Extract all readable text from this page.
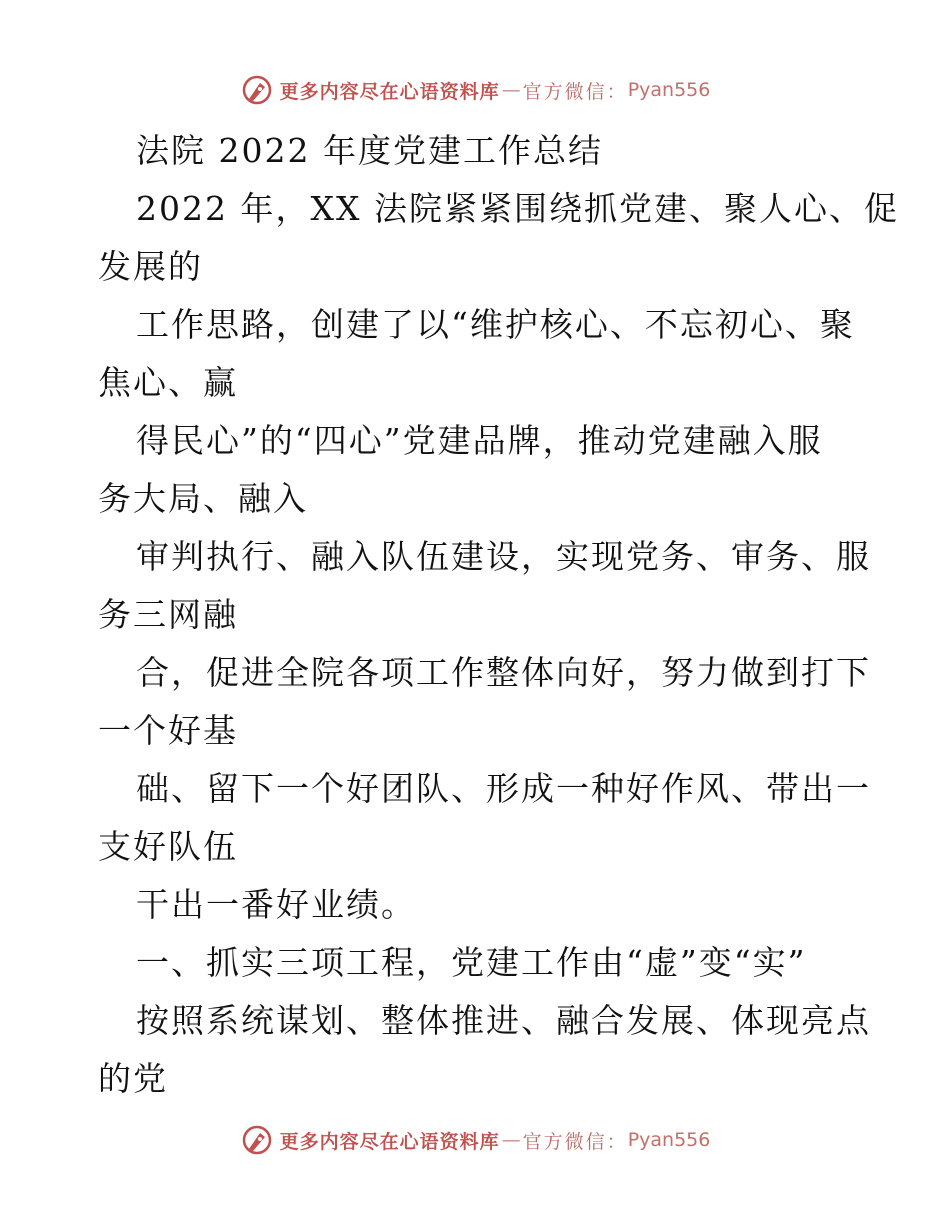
更多内容尽在心语资料库 — 官方微信： Pyan556
法院 2022 年度党建工作总结
2022 年，XX 法院紧紧围绕抓党建、聚人心、促
发展的
工作思路，创建了以“维护核心、不忘初心、聚
焦心、赢
得民心”的“四心”党建品牌，推动党建融入服
务大局、融入
审判执行、融入队伍建设，实现党务、审务、服
务三网融
合，促进全院各项工作整体向好，努力做到打下
一个好基
础、留下一个好团队、形成一种好作风、带出一
支好队伍
干出一番好业绩。
一、抓实三项工程，党建工作由“虚”变“实”
按照系统谋划、整体推进、融合发展、体现亮点
的党
更多内容尽在心语资料库 — 官方微信： Pyan556
